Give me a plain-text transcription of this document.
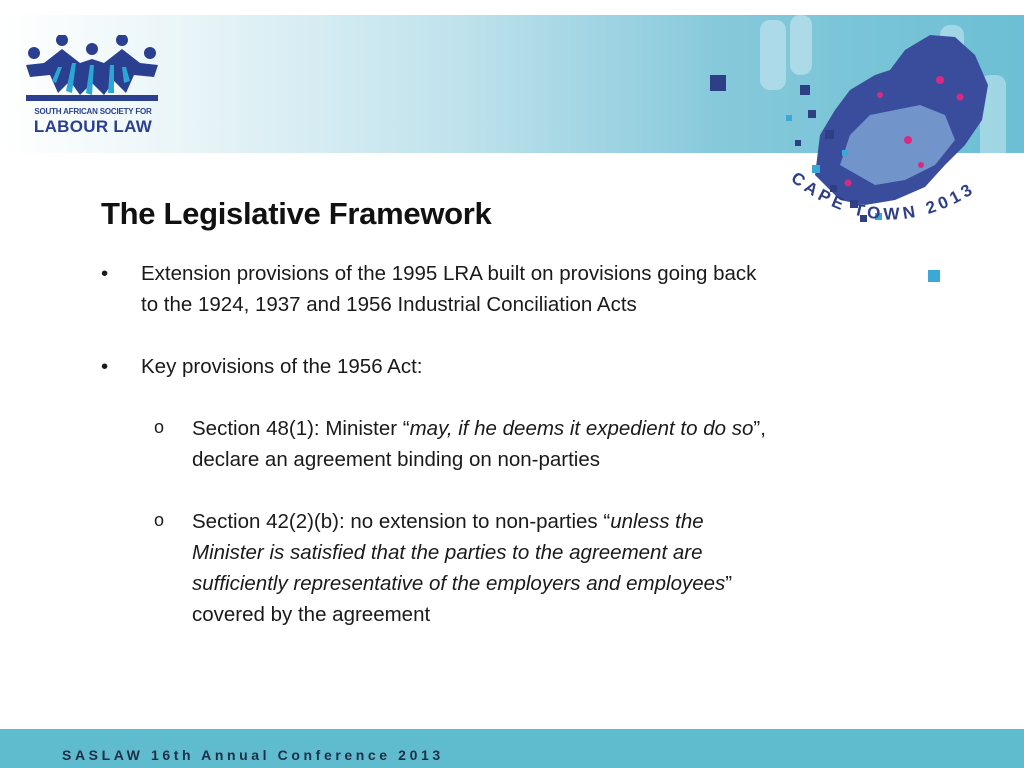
SOUTH AFRICAN SOCIETY FOR
LABOUR LAW
CAPE TOWN 2013
The Legislative Framework

•	Extension provisions of the 1995 LRA built on provisions going back
to the 1924, 1937 and 1956 Industrial Conciliation Acts

•	Key provisions of the 1956 Act:

o Section 48(1): Minister “may, if he deems it expedient to do so”,
declare an agreement binding on non-parties

o Section 42(2)(b): no extension to non-parties “unless the
Minister is satisfied that the parties to the agreement are
sufficiently representative of the employers and employees”
covered by the agreement

SASLAW 16th Annual Conference 2013
